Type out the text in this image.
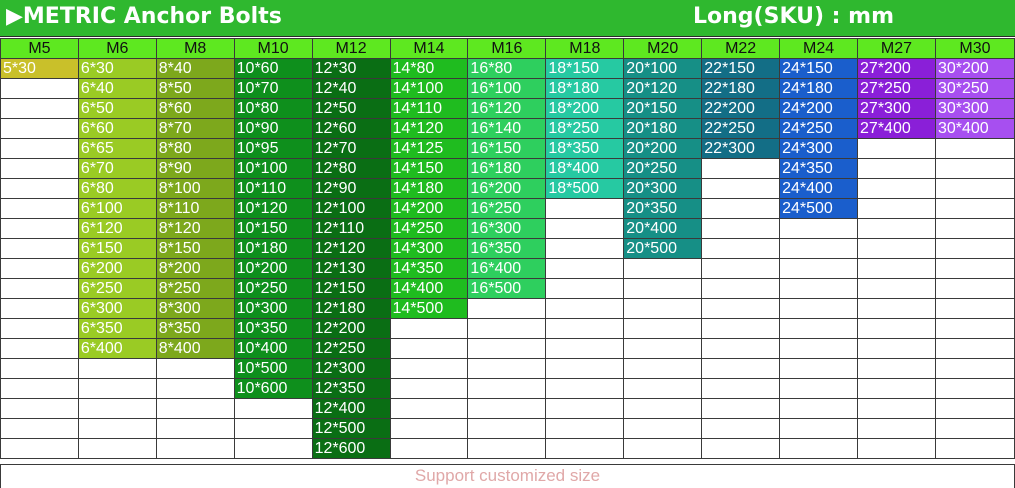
▶METRIC Anchor Bolts	Long(SKU) : mm
M5	M6	M8	M10	M12	M14	M16	M18	M20	M22	M24	M27	M30
5*30	6*30	8*40	10*60	12*30	14*80	16*80	18*150	20*100	22*150	24*150	27*200	30*200
	6*40	8*50	10*70	12*40	14*100	16*100	18*180	20*120	22*180	24*180	27*250	30*250
	6*50	8*60	10*80	12*50	14*110	16*120	18*200	20*150	22*200	24*200	27*300	30*300
	6*60	8*70	10*90	12*60	14*120	16*140	18*250	20*180	22*250	24*250	27*400	30*400
	6*65	8*80	10*95	12*70	14*125	16*150	18*350	20*200	22*300	24*300		
	6*70	8*90	10*100	12*80	14*150	16*180	18*400	20*250		24*350		
	6*80	8*100	10*110	12*90	14*180	16*200	18*500	20*300		24*400		
	6*100	8*110	10*120	12*100	14*200	16*250		20*350		24*500		
	6*120	8*120	10*150	12*110	14*250	16*300		20*400				
	6*150	8*150	10*180	12*120	14*300	16*350		20*500				
	6*200	8*200	10*200	12*130	14*350	16*400						
	6*250	8*250	10*250	12*150	14*400	16*500						
	6*300	8*300	10*300	12*180	14*500							
	6*350	8*350	10*350	12*200								
	6*400	8*400	10*400	12*250								
			10*500	12*300								
			10*600	12*350								
				12*400								
				12*500								
				12*600								
Support customized size
